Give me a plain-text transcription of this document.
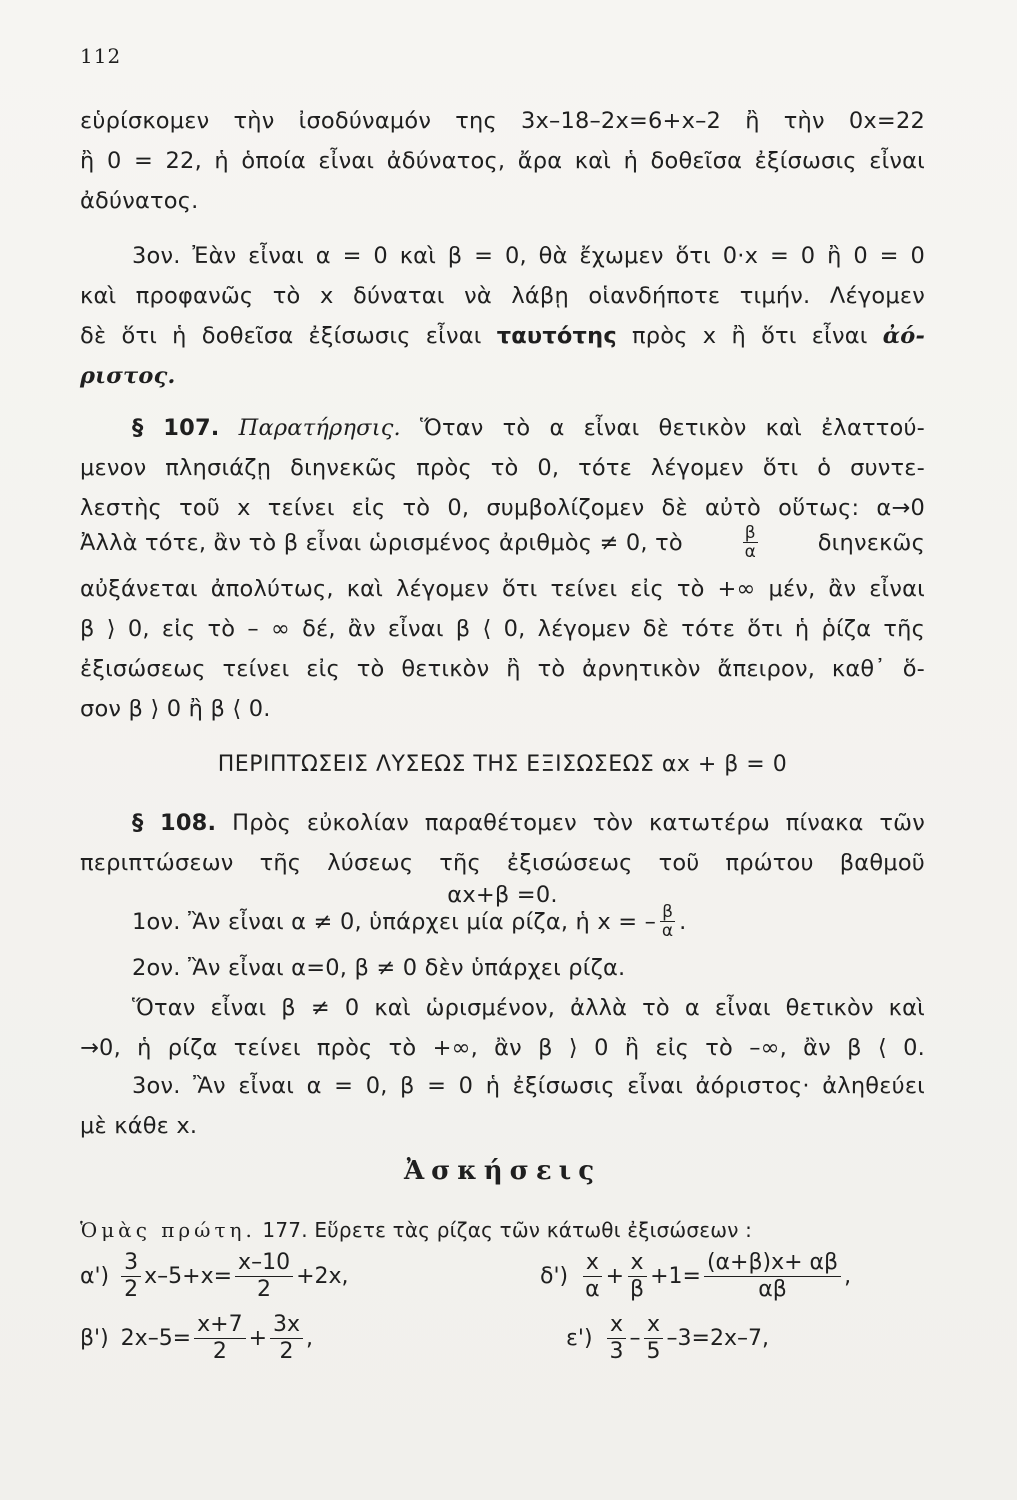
112
εὑρίσκομεν τὴν ἰσοδύναμόν της 3x–18–2x=6+x–2 ἢ τὴν 0x=22
ἢ 0 = 22, ἡ ὁποία εἶναι ἀδύνατος, ἄρα καὶ ἡ δοθεῖσα ἐξίσωσις εἶναι
ἀδύνατος.
3ον. Ἐὰν εἶναι α = 0 καὶ β = 0, θὰ ἔχωμεν ὅτι 0·x = 0 ἢ 0 = 0
καὶ προφανῶς τὸ x δύναται νὰ λάβῃ οἱανδήποτε τιμήν. Λέγομεν
δὲ ὅτι ἡ δοθεῖσα ἐξίσωσις εἶναι ταυτότης πρὸς x ἢ ὅτι εἶναι ἀό-
ριστος.
§ 107. Παρατήρησις. Ὅταν τὸ α εἶναι θετικὸν καὶ ἐλαττού-
μενον πλησιάζῃ διηνεκῶς πρὸς τὸ 0, τότε λέγομεν ὅτι ὁ συντε-
λεστὴς τοῦ x τείνει εἰς τὸ 0, συμβολίζομεν δὲ αὐτὸ οὕτως: α→0
Ἀλλὰ τότε, ἂν τὸ β εἶναι ὡρισμένος ἀριθμὸς ≠ 0, τὸ	$\frac{\beta}{\alpha}$	διηνεκῶς
αὐξάνεται ἀπολύτως, καὶ λέγομεν ὅτι τείνει εἰς τὸ +∞ μέν, ἂν εἶναι
β ⟩ 0, εἰς τὸ – ∞ δέ, ἂν εἶναι β ⟨ 0, λέγομεν δὲ τότε ὅτι ἡ ῥίζα τῆς
ἐξισώσεως τείνει εἰς τὸ θετικὸν ἢ τὸ ἀρνητικὸν ἄπειρον, καθ᾽ ὅ-
σον β ⟩ 0 ἢ β ⟨ 0.
ΠΕΡΙΠΤΩΣΕΙΣ ΛΥΣΕΩΣ ΤΗΣ ΕΞΙΣΩΣΕΩΣ αx + β = 0
§ 108. Πρὸς εὐκολίαν παραθέτομεν τὸν κατωτέρω πίνακα τῶν
περιπτώσεων τῆς λύσεως τῆς ἐξισώσεως τοῦ πρώτου βαθμοῦ
αx+β =0.
1ον. Ἂν εἶναι α ≠ 0, ὑπάρχει μία ρίζα, ἡ x = – $\frac{\beta}{\alpha}$ .
2ον. Ἂν εἶναι α=0, β ≠ 0 δὲν ὑπάρχει ρίζα.
Ὅταν εἶναι β ≠ 0 καὶ ὡρισμένον, ἀλλὰ τὸ α εἶναι θετικὸν καὶ
→0, ἡ ρίζα τείνει πρὸς τὸ +∞, ἂν β ⟩ 0 ἢ εἰς τὸ –∞, ἂν β ⟨ 0.
3ον. Ἂν εἶναι α = 0, β = 0 ἡ ἐξίσωσις εἶναι ἀόριστος· ἀληθεύει
μὲ κάθε x.
Ἀσκήσεις
Ὁμὰς πρώτη. 177. Εὕρετε τὰς ρίζας τῶν κάτωθι ἐξισώσεων :
$\alpha') \frac{3}{2} x-5+x= \frac{x-10}{2} +2x$,	$\delta') \frac{x}{\alpha} + \frac{x}{\beta} +1= \frac{(\alpha+\beta)x+ \alpha\beta}{\alpha\beta}$ ,
β') $2x-5= \frac{x+7}{2} + \frac{3x}{2}$ ,	$\varepsilon') \frac{x}{3} - \frac{x}{5} -3=2x-7$,
